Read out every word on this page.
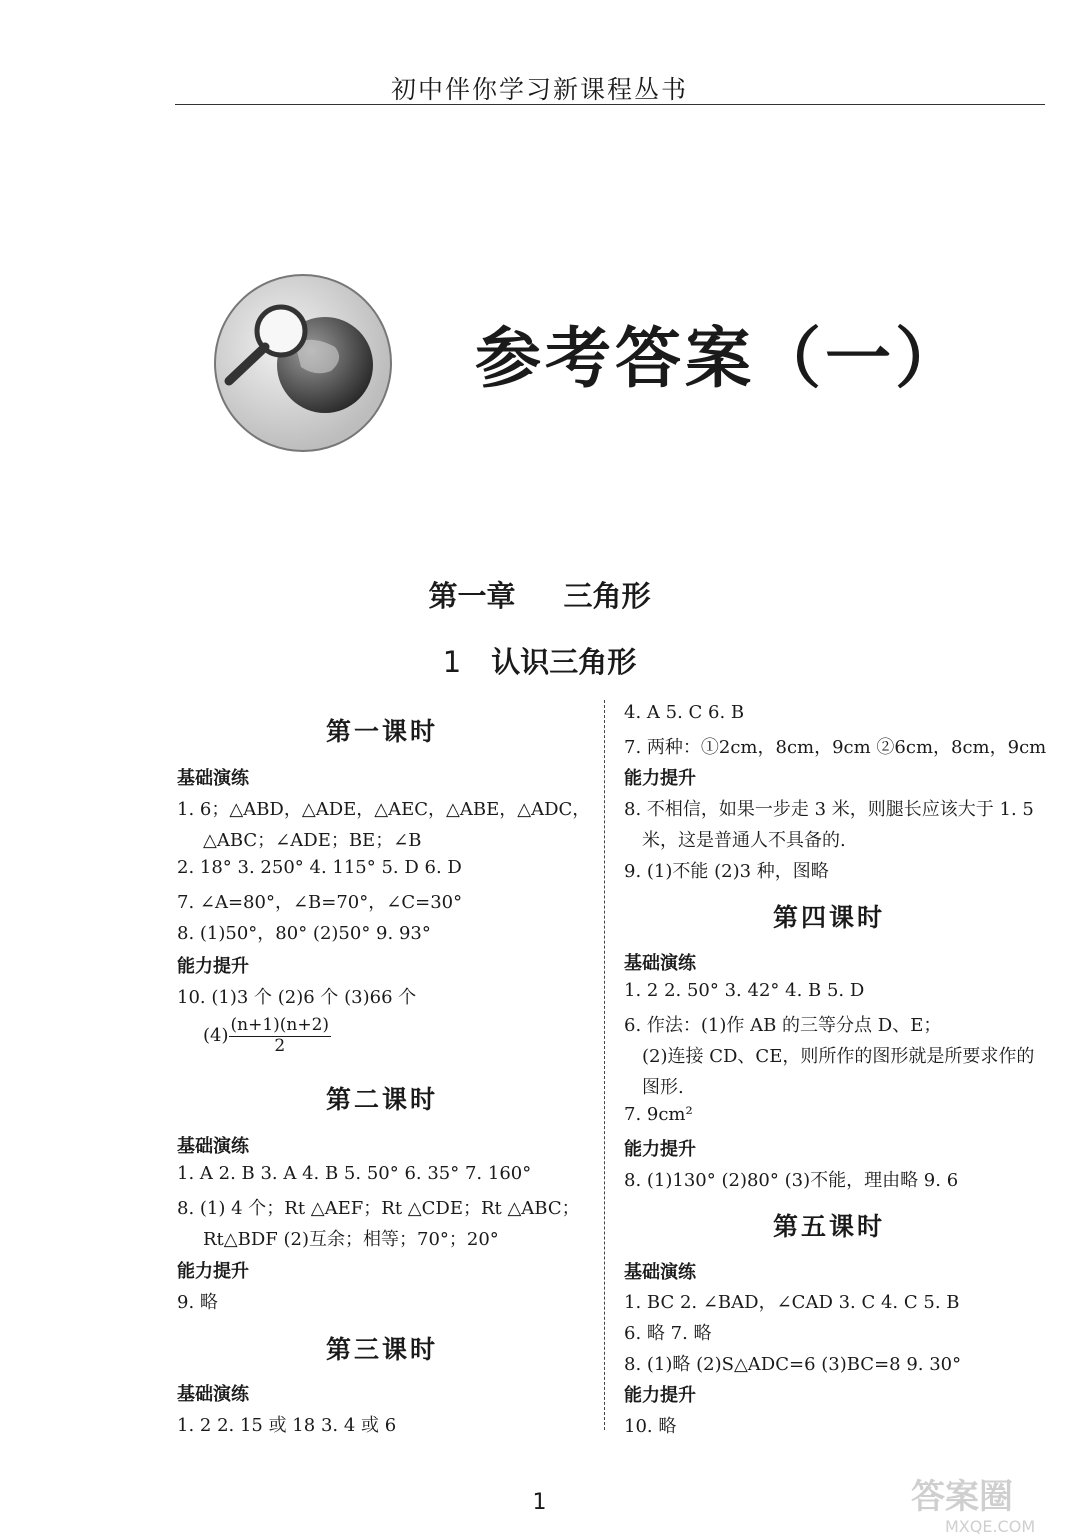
初中伴你学习新课程丛书
参考答案（一）
第一章 三角形
1 认识三角形
第一课时
基础演练
1. 6；△ABD，△ADE，△AEC，△ABE，△ADC，
△ABC；∠ADE；BE；∠B
2. 18° 3. 250° 4. 115° 5. D 6. D
7. ∠A=80°，∠B=70°，∠C=30°
8. (1)50°，80° (2)50° 9. 93°
能力提升
10. (1)3 个 (2)6 个 (3)66 个
$(4) \frac{(n+1)(n+2)}{2}$
第二课时
基础演练
1. A 2. B 3. A 4. B 5. 50° 6. 35° 7. 160°
8. (1) 4 个；Rt △AEF；Rt △CDE；Rt △ABC；
Rt△BDF (2)互余；相等；70°；20°
能力提升
9. 略
第三课时
基础演练
1. 2 2. 15 或 18 3. 4 或 6
4. A 5. C 6. B
7. 两种：①2cm，8cm，9cm ②6cm，8cm，9cm
能力提升
8. 不相信，如果一步走 3 米，则腿长应该大于 1. 5
米，这是普通人不具备的.
9. (1)不能 (2)3 种，图略
第四课时
基础演练
1. 2 2. 50° 3. 42° 4. B 5. D
6. 作法：(1)作 AB 的三等分点 D、E；
(2)连接 CD、CE，则所作的图形就是所要求作的
图形.
7. 9cm²
能力提升
8. (1)130° (2)80° (3)不能，理由略 9. 6
第五课时
基础演练
1. BC 2. ∠BAD，∠CAD 3. C 4. C 5. B
6. 略 7. 略
8. (1)略 (2)S△ADC=6 (3)BC=8 9. 30°
能力提升
10. 略
1	答案圈
MXQE.COM
